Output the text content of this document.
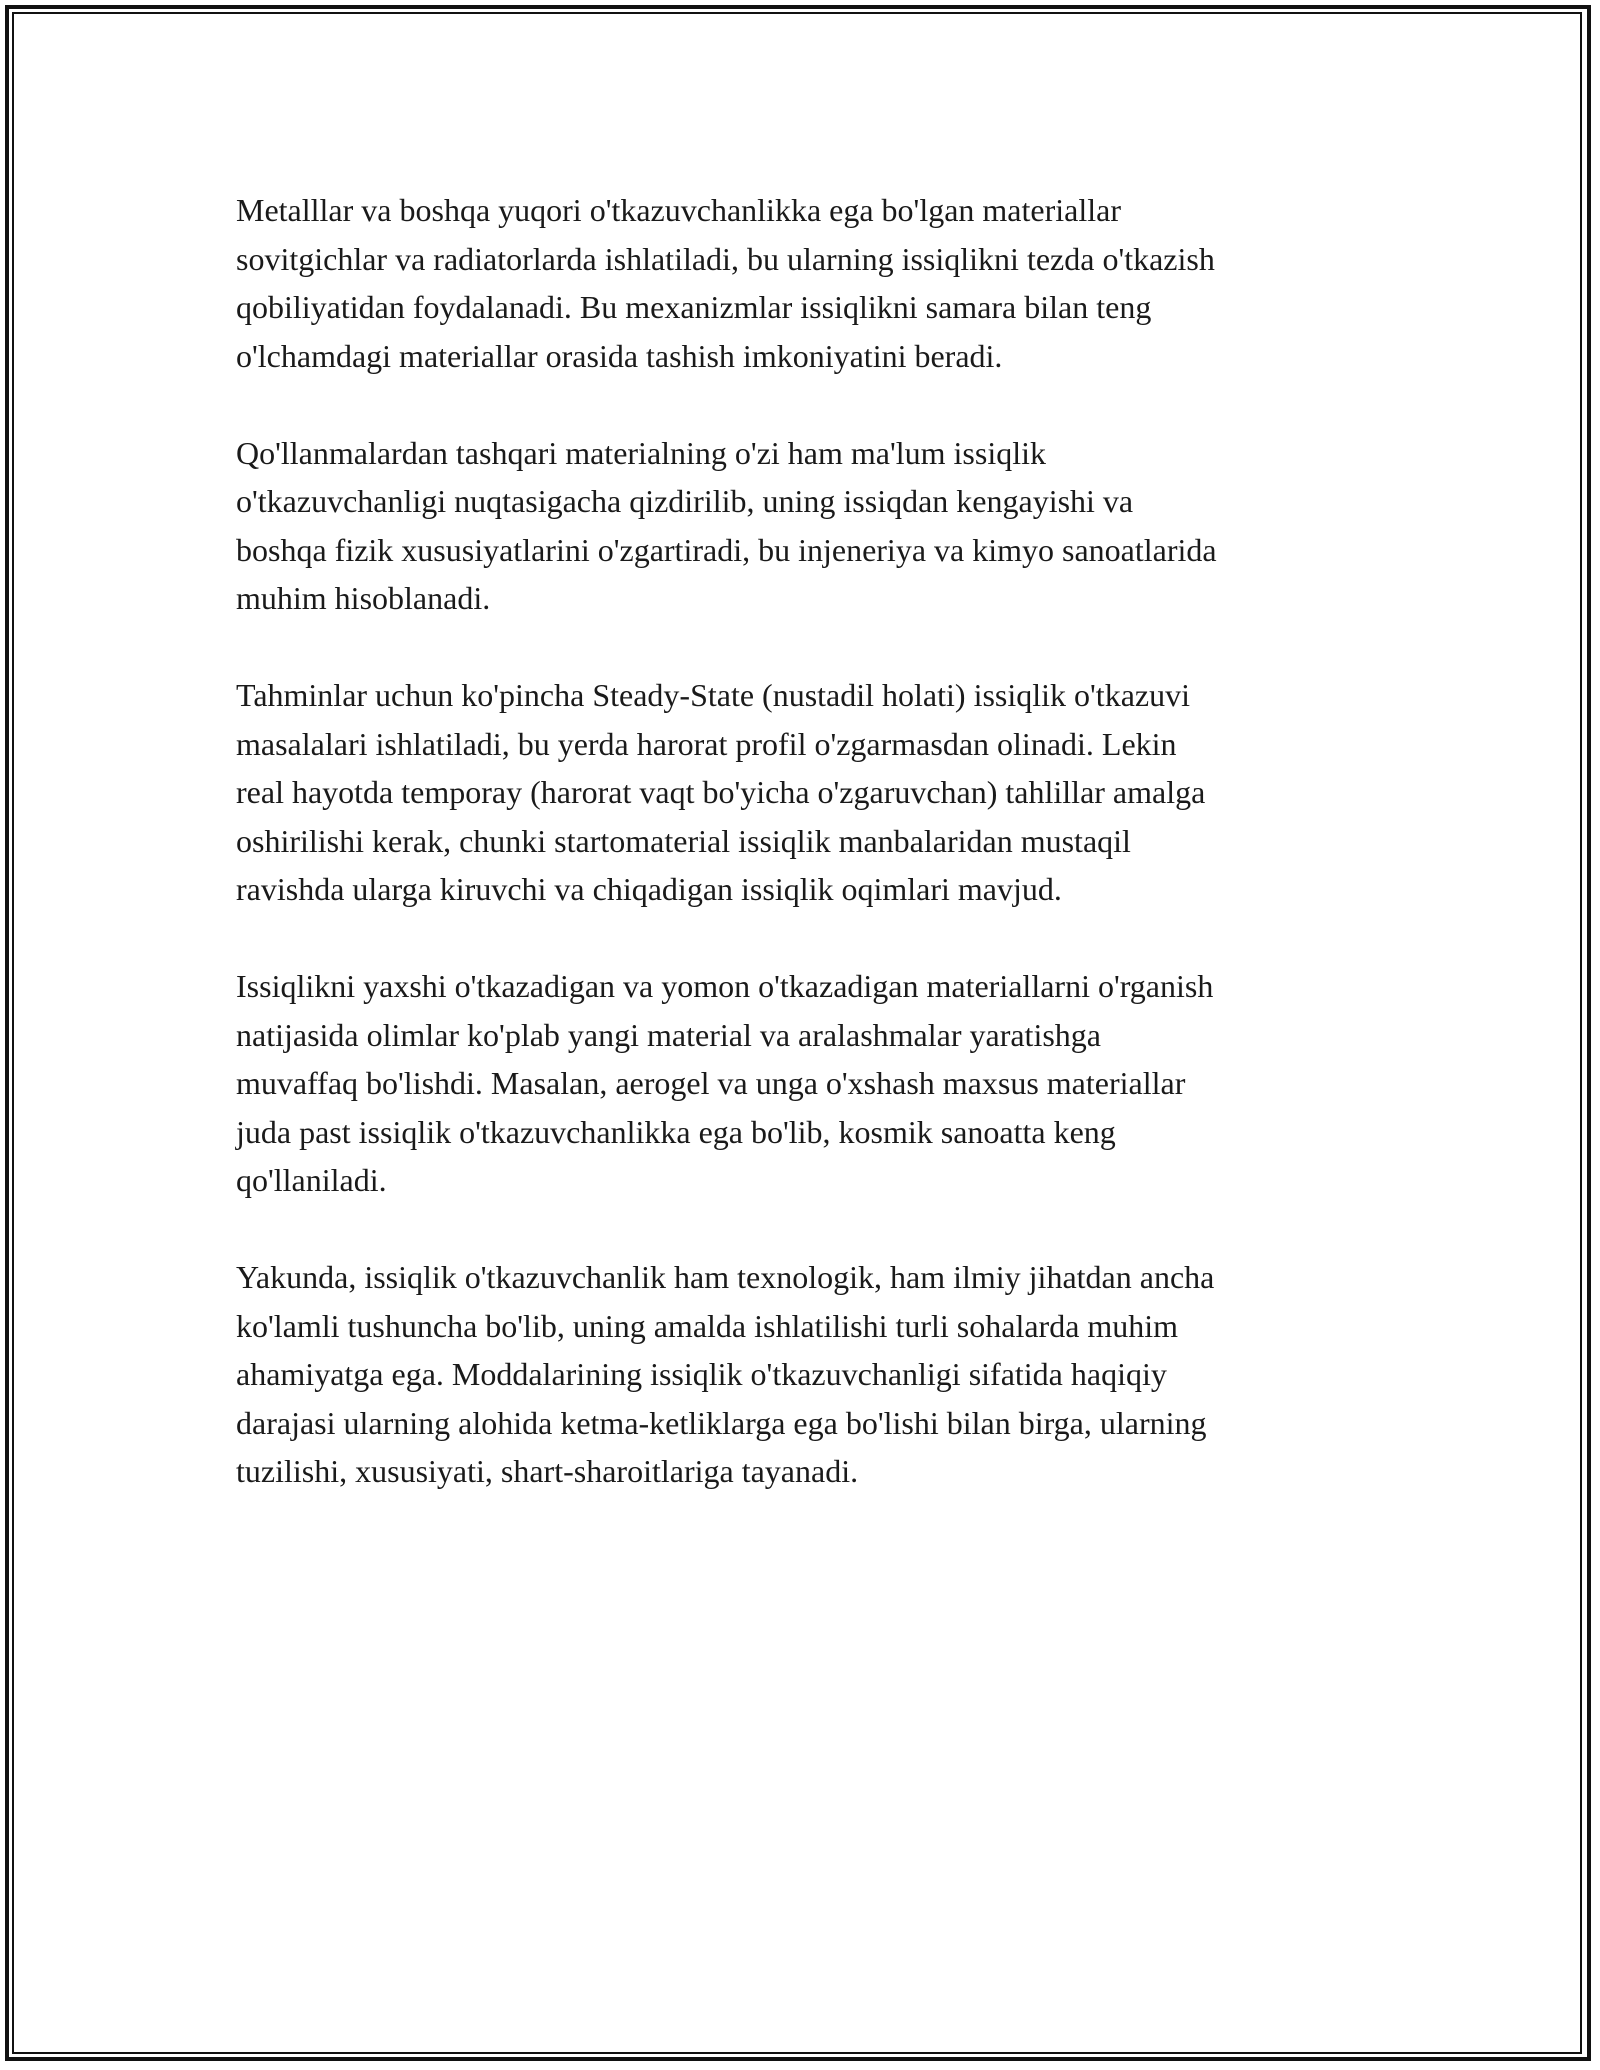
Metalllar va boshqa yuqori o'tkazuvchanlikka ega bo'lgan materiallar
sovitgichlar va radiatorlarda ishlatiladi, bu ularning issiqlikni tezda o'tkazish
qobiliyatidan foydalanadi. Bu mexanizmlar issiqlikni samara bilan teng
o'lchamdagi materiallar orasida tashish imkoniyatini beradi.

Qo'llanmalardan tashqari materialning o'zi ham ma'lum issiqlik
o'tkazuvchanligi nuqtasigacha qizdirilib, uning issiqdan kengayishi va
boshqa fizik xususiyatlarini o'zgartiradi, bu injeneriya va kimyo sanoatlarida
muhim hisoblanadi.

Tahminlar uchun ko'pincha Steady-State (nustadil holati) issiqlik o'tkazuvi
masalalari ishlatiladi, bu yerda harorat profil o'zgarmasdan olinadi. Lekin
real hayotda temporay (harorat vaqt bo'yicha o'zgaruvchan) tahlillar amalga
oshirilishi kerak, chunki startomaterial issiqlik manbalaridan mustaqil
ravishda ularga kiruvchi va chiqadigan issiqlik oqimlari mavjud.

Issiqlikni yaxshi o'tkazadigan va yomon o'tkazadigan materiallarni o'rganish
natijasida olimlar ko'plab yangi material va aralashmalar yaratishga
muvaffaq bo'lishdi. Masalan, aerogel va unga o'xshash maxsus materiallar
juda past issiqlik o'tkazuvchanlikka ega bo'lib, kosmik sanoatta keng
qo'llaniladi.

Yakunda, issiqlik o'tkazuvchanlik ham texnologik, ham ilmiy jihatdan ancha
ko'lamli tushuncha bo'lib, uning amalda ishlatilishi turli sohalarda muhim
ahamiyatga ega. Moddalarining issiqlik o'tkazuvchanligi sifatida haqiqiy
darajasi ularning alohida ketma-ketliklarga ega bo'lishi bilan birga, ularning
tuzilishi, xususiyati, shart-sharoitlariga tayanadi.
